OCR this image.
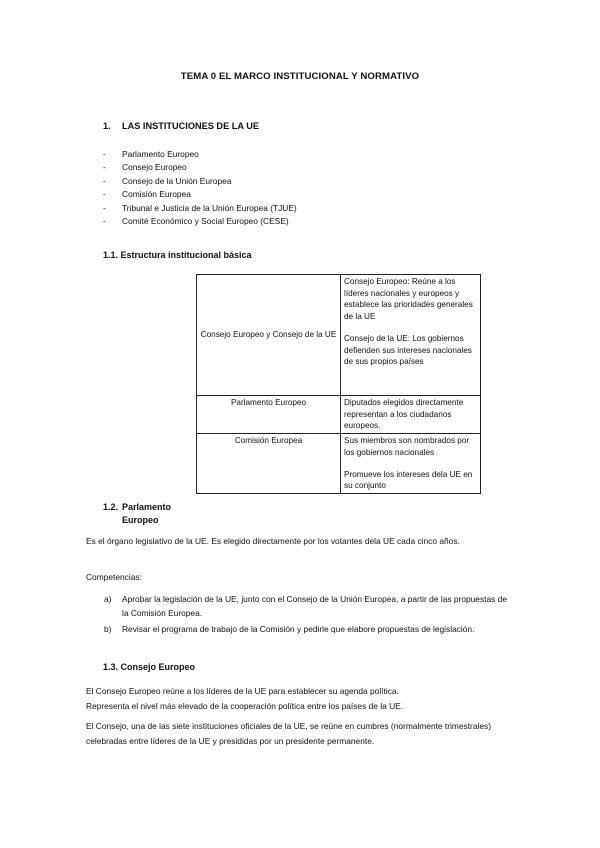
TEMA 0 EL MARCO INSTITUCIONAL Y NORMATIVO
1. LAS INSTITUCIONES DE LA UE
- Parlamento Europeo
- Consejo Europeo
- Consejo de la Unión Europea
- Comisión Europea
- Tribunal e Justicia de la Unión Europea (TJUE)
- Comité Económico y Social Europeo (CESE)
1.1. Estructura institucional básica
Consejo Europeo y Consejo de la UE	Consejo Europeo: Reúne a los líderes nacionales y europeos y establece las prioridades generales de la UE
Consejo de la UE: Los gobiernos defienden sus intereses nacionales de sus propios países

Parlamento Europeo	Diputados elegidos directamente representan a los ciudadanos europeos.
Comisión Europea	Sus miembros son nombrados por los gobiernos nacionales
Promueve los intereses dela UE en su conjunto
1.2. Parlamento
Europeo
Es el órgano legislativo de la UE. Es elegido directamente por los votantes dela UE cada cinco años.
Competencias:
a) Aprobar la legislación de la UE, junto con el Consejo de la Unión Europea, a partir de las propuestas de la Comisión Europea.
b) Revisar el programa de trabajo de la Comisión y pedirle que elabore propuestas de legislación.
1.3. Consejo Europeo
El Consejo Europeo reúne a los líderes de la UE para establecer su agenda política.
Representa el nivel más elevado de la cooperación política entre los países de la UE.
El Consejo, una de las siete instituciones oficiales de la UE, se reúne en cumbres (normalmente trimestrales) celebradas entre líderes de la UE y presididas por un presidente permanente.
